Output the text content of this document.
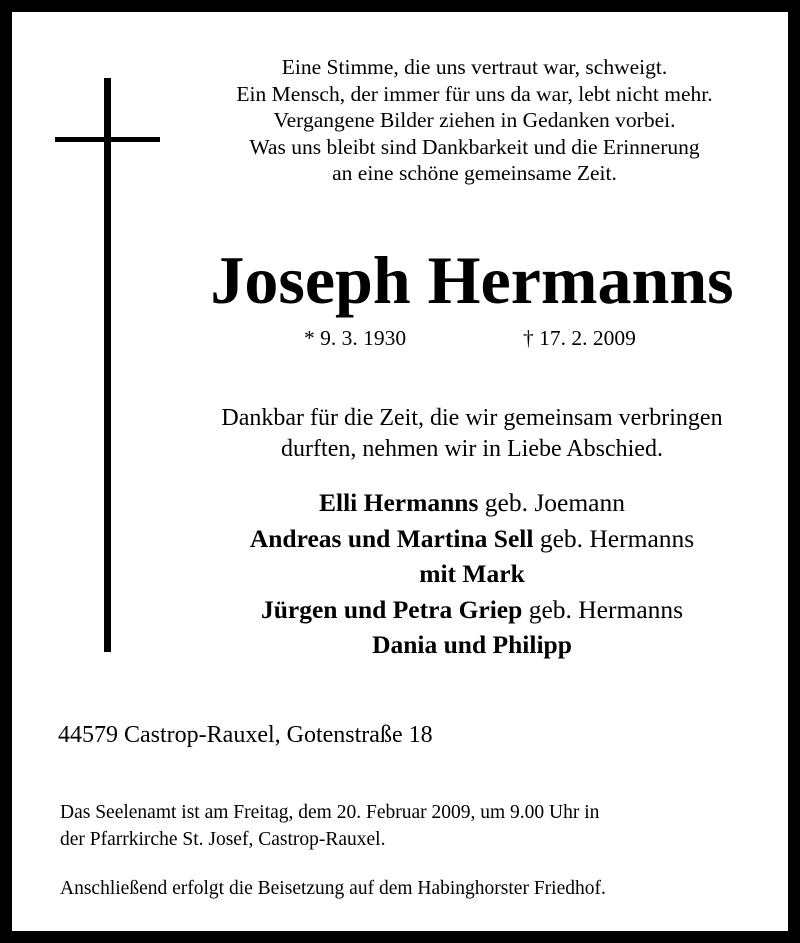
Eine Stimme, die uns vertraut war, schweigt.
Ein Mensch, der immer für uns da war, lebt nicht mehr.
Vergangene Bilder ziehen in Gedanken vorbei.
Was uns bleibt sind Dankbarkeit und die Erinnerung
an eine schöne gemeinsame Zeit.
Joseph Hermanns
* 9. 3. 1930	† 17. 2. 2009
Dankbar für die Zeit, die wir gemeinsam verbringen
durften, nehmen wir in Liebe Abschied.
Elli Hermanns geb. Joemann
Andreas und Martina Sell geb. Hermanns
mit Mark
Jürgen und Petra Griep geb. Hermanns
Dania und Philipp
44579 Castrop-Rauxel, Gotenstraße 18
Das Seelenamt ist am Freitag, dem 20. Februar 2009, um 9.00 Uhr in
der Pfarrkirche St. Josef, Castrop-Rauxel.
Anschließend erfolgt die Beisetzung auf dem Habinghorster Friedhof.
